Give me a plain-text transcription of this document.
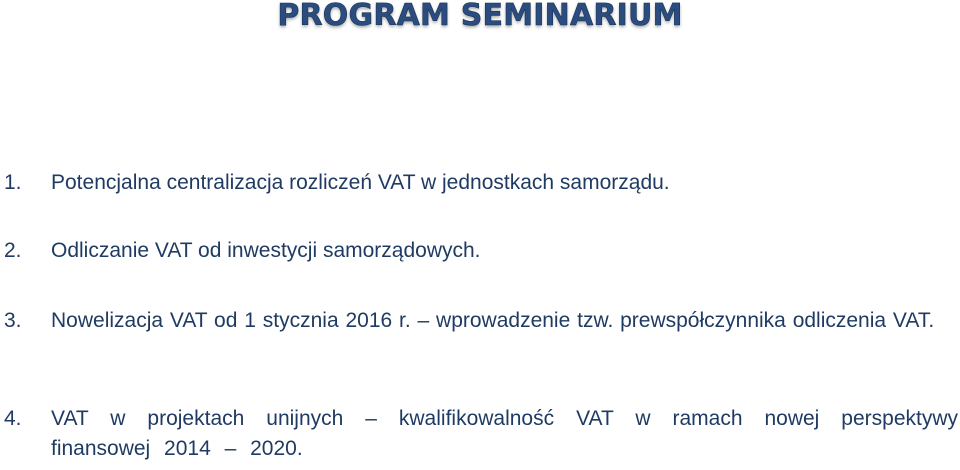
PROGRAM SEMINARIUM
1.	Potencjalna centralizacja rozliczeń VAT w jednostkach samorządu.
2.	Odliczanie VAT od inwestycji samorządowych.
3.	Nowelizacja VAT od 1 stycznia 2016 r. – wprowadzenie tzw. prewspółczynnika odliczenia VAT.
4.	VAT w projektach unijnych – kwalifikowalność VAT w ramach nowej perspektywy finansowej 2014 – 2020.
